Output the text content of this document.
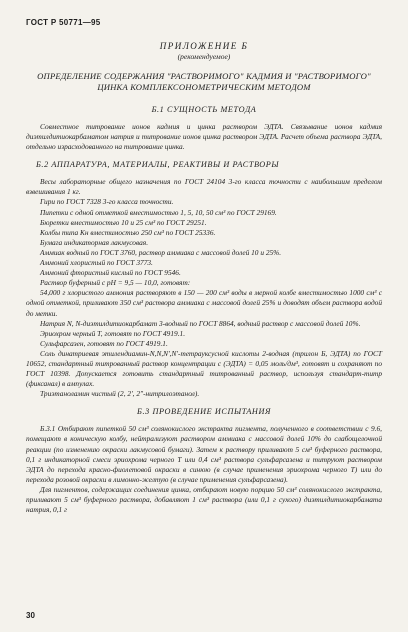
ГОСТ Р 50771—95
ПРИЛОЖЕНИЕ Б
(рекомендуемое)
ОПРЕДЕЛЕНИЕ СОДЕРЖАНИЯ "РАСТВОРИМОГО" КАДМИЯ И "РАСТВОРИМОГО" ЦИНКА КОМПЛЕКСОНОМЕТРИЧЕСКИМ МЕТОДОМ
Б.1 СУЩНОСТЬ МЕТОДА

Совместное титрование ионов кадмия и цинка раствором ЭДТА. Связывание ионов кадмия диэтилдитиокарбаматом натрия и титрование ионов цинка раствором ЭДТА. Расчет объема раствора ЭДТА, отдельно израсходованного на титрование цинка.

Б.2 АППАРАТУРА, МАТЕРИАЛЫ, РЕАКТИВЫ И РАСТВОРЫ

Весы лабораторные общего назначения по ГОСТ 24104 3-го класса точности с наибольшим пределом взвешивания 1 кг.

Гири по ГОСТ 7328 3-го класса точности.

Пипетки с одной отметкой вместимостью 1, 5, 10, 50 см³ по ГОСТ 29169.

Бюретки вместимостью 10 и 25 см³ по ГОСТ 29251.

Колбы типа Кн вместимостью 250 см³ по ГОСТ 25336.

Бумага индикаторная лакмусовая.

Аммиак водный по ГОСТ 3760, раствор аммиака с массовой долей 10 и 25%.

Аммоний хлористый по ГОСТ 3773.

Аммоний фтористый кислый по ГОСТ 9546.

Раствор буферный с pH = 9,5 — 10,0, готовят:

54,000 г хлористого аммония растворяют в 150 — 200 см³ воды в мерной колбе вместимостью 1000 см³ с одной отметкой, приливают 350 см³ раствора аммиака с массовой долей 25% и доводят объем раствора водой до метки.

Натрия N, N-диэтилдитиокарбамат 3-водный по ГОСТ 8864, водный раствор с массовой долей 10%.

Эриохром черный Т, готовят по ГОСТ 4919.1.

Сульфарсазен, готовят по ГОСТ 4919.1.

Соль динатриевая этилендиамин-N,N,N′,N′-тетрауксусной кислоты 2-водная (трилон Б, ЭДТА) по ГОСТ 10652, стандартный титрованный раствор концентрации с (ЭДТА) = 0,05 моль/дм³, готовят и сохраняют по ГОСТ 10398. Допускается готовить стандартный титрованный раствор, используя стандарт-титр (фиксанал) в ампулах.

Триэтаноламин чистый (2, 2′, 2″-нитрилоэтанол).

Б.3 ПРОВЕДЕНИЕ ИСПЫТАНИЯ

Б.3.1 Отбирают пипеткой 50 см³ солянокислого экстракта пигмента, полученного в соответствии с 9.6, помещают в коническую колбу, нейтрализуют раствором аммиака с массовой долей 10% до слабощелочной реакции (по изменению окраски лакмусовой бумаги). Затем к раствору приливают 5 см³ буферного раствора, 0,1 г индикаторной смеси эриохрома черного Т или 0,4 см³ раствора сульфарсазена и титруют раствором ЭДТА до перехода красно-фиолетовой окраски в синюю (в случае применения эриохрома черного Т) или до перехода розовой окраски в лимонно-желтую (в случае применения сульфарсазена).

Для пигментов, содержащих соединения цинка, отбирают новую порцию 50 см³ солянокислого экстракта, приливают 5 см³ буферного раствора, добавляют 1 см³ раствора (или 0,1 г сухого) диэтилдитиокарбамата натрия, 0,1 г

30
